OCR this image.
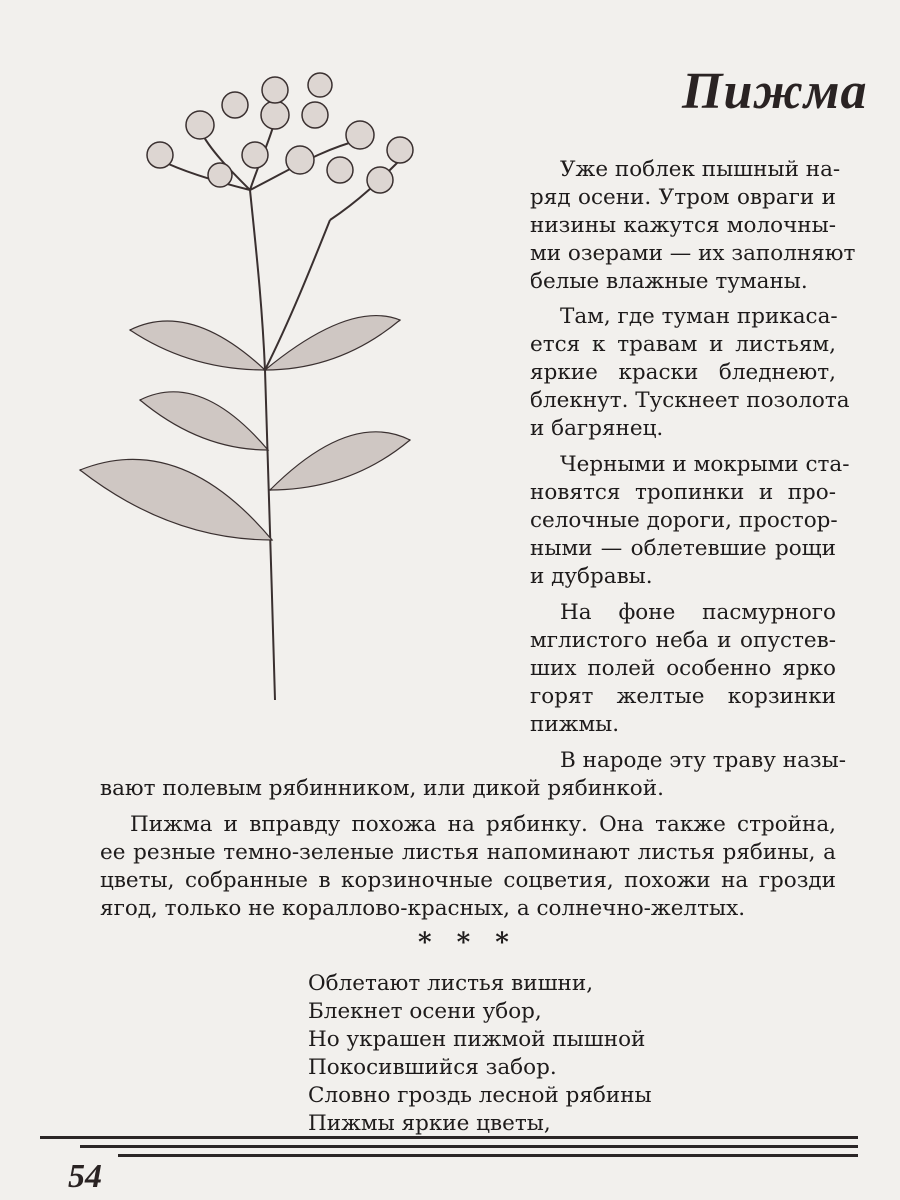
Пижма
Уже поблек пышный на-
ряд осени. Утром овраги и
низины кажутся молочны-
ми озерами — их заполняют
белые влажные туманы.
Там, где туман прикаса-
ется к травам и листьям,
яркие краски бледнеют,
блекнут. Тускнеет позолота
и багрянец.
Черными и мокрыми ста-
новятся тропинки и про-
селочные дороги, простор-
ными — облетевшие рощи
и дубравы.
На фоне пасмурного
мглистого неба и опустев-
ших полей особенно ярко
горят желтые корзинки
пижмы.
В народе эту траву назы-
вают полевым рябинником, или дикой рябинкой.
Пижма и вправду похожа на рябинку. Она также стройна,
ее резные темно-зеленые листья напоминают листья рябины, а
цветы, собранные в корзиночные соцветия, похожи на грозди
ягод, только не кораллово-красных, а солнечно-желтых.
* * *
Облетают листья вишни,
Блекнет осени убор,
Но украшен пижмой пышной
Покосившийся забор.
Словно гроздь лесной рябины
Пижмы яркие цветы,
54
